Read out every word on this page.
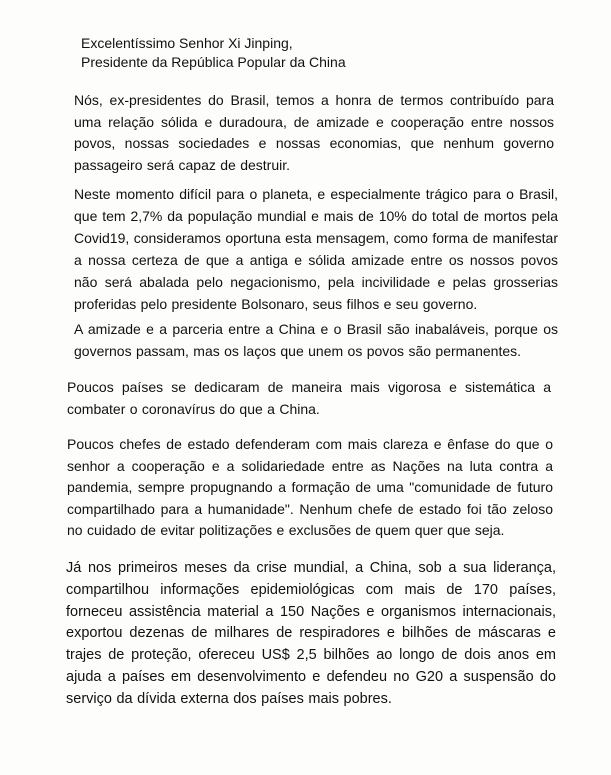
Excelentíssimo Senhor Xi Jinping,
Presidente da República Popular da China

Nós, ex-presidentes do Brasil, temos a honra de termos contribuído para uma relação sólida e duradoura, de amizade e cooperação entre nossos povos, nossas sociedades e nossas economias, que nenhum governo passageiro será capaz de destruir.

Neste momento difícil para o planeta, e especialmente trágico para o Brasil, que tem 2,7% da população mundial e mais de 10% do total de mortos pela Covid19, consideramos oportuna esta mensagem, como forma de manifestar a nossa certeza de que a antiga e sólida amizade entre os nossos povos não será abalada pelo negacionismo, pela incivilidade e pelas grosserias proferidas pelo presidente Bolsonaro, seus filhos e seu governo.

A amizade e a parceria entre a China e o Brasil são inabaláveis, porque os governos passam, mas os laços que unem os povos são permanentes.

Poucos países se dedicaram de maneira mais vigorosa e sistemática a combater o coronavírus do que a China.

Poucos chefes de estado defenderam com mais clareza e ênfase do que o senhor a cooperação e a solidariedade entre as Nações na luta contra a pandemia, sempre propugnando a formação de uma "comunidade de futuro compartilhado para a humanidade". Nenhum chefe de estado foi tão zeloso no cuidado de evitar politizações e exclusões de quem quer que seja.

Já nos primeiros meses da crise mundial, a China, sob a sua liderança, compartilhou informações epidemiológicas com mais de 170 países, forneceu assistência material a 150 Nações e organismos internacionais, exportou dezenas de milhares de respiradores e bilhões de máscaras e trajes de proteção, ofereceu US$ 2,5 bilhões ao longo de dois anos em ajuda a países em desenvolvimento e defendeu no G20 a suspensão do serviço da dívida externa dos países mais pobres.
